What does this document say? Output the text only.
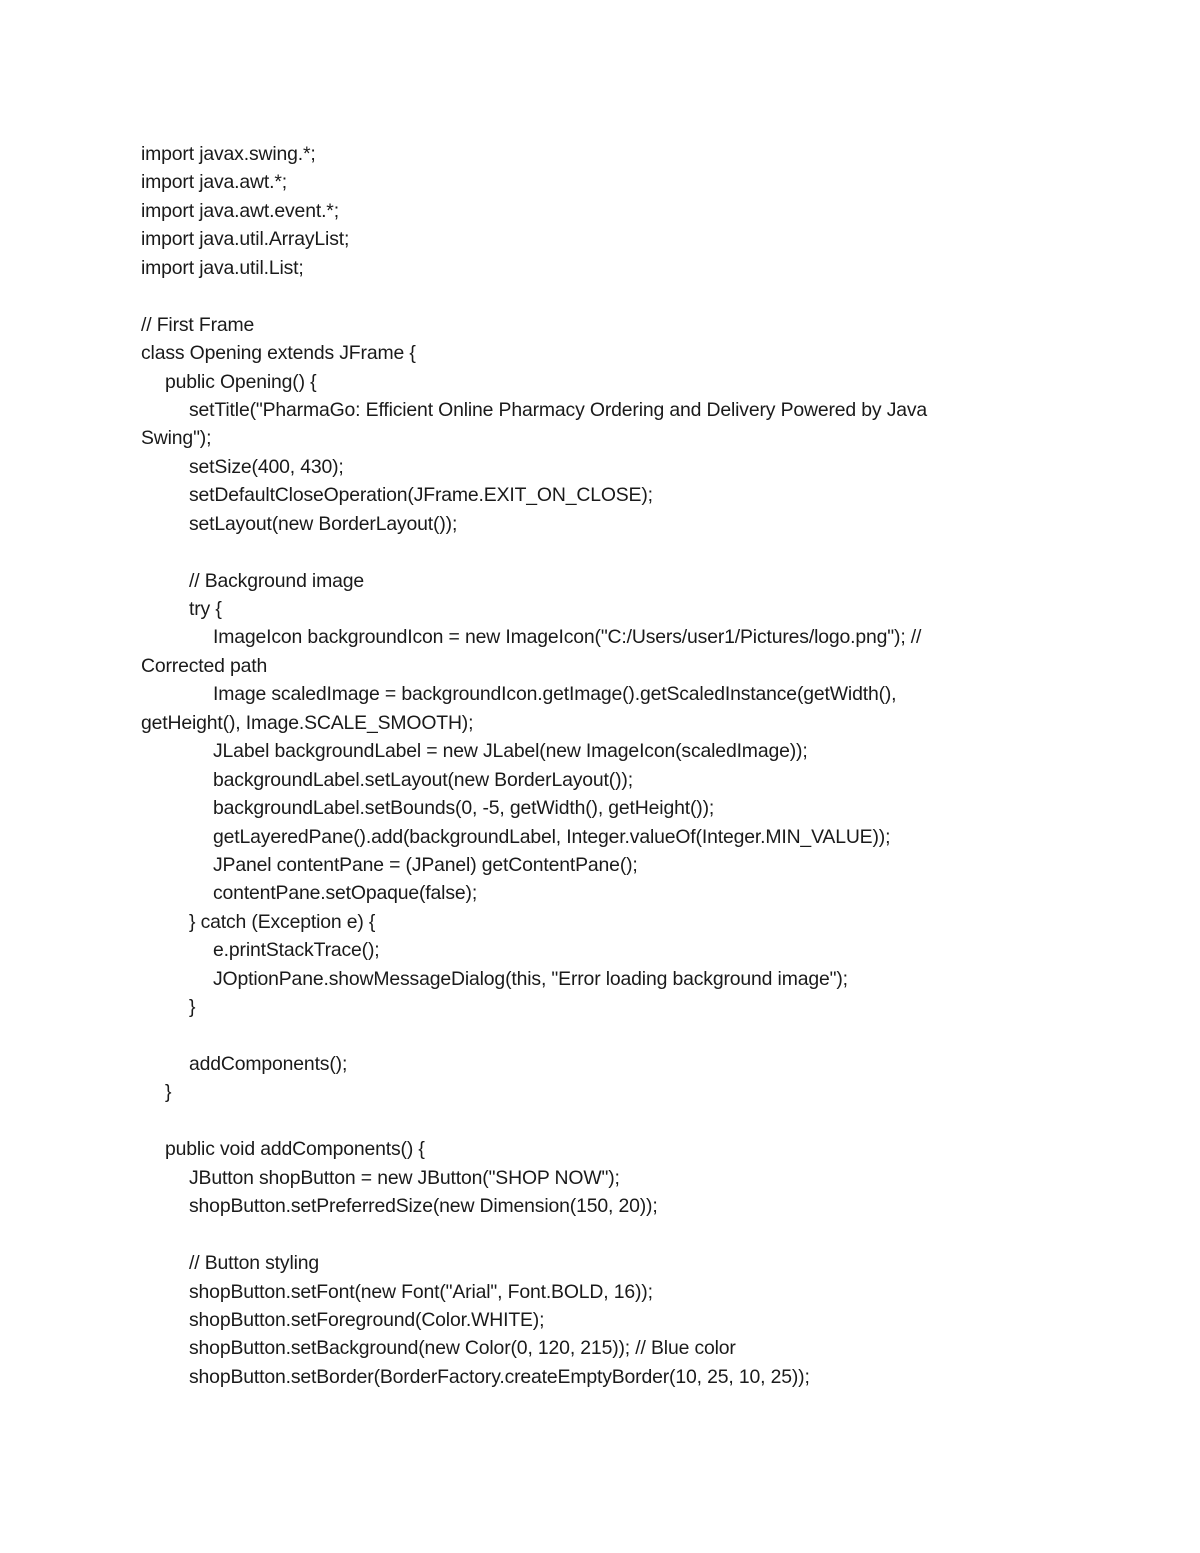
import javax.swing.*;
import java.awt.*;
import java.awt.event.*;
import java.util.ArrayList;
import java.util.List;
// First Frame
class Opening extends JFrame {
public Opening() {
setTitle("PharmaGo: Efficient Online Pharmacy Ordering and Delivery Powered by Java
Swing");
setSize(400, 430);
setDefaultCloseOperation(JFrame.EXIT_ON_CLOSE);
setLayout(new BorderLayout());
// Background image
try {
ImageIcon backgroundIcon = new ImageIcon("C:/Users/user1/Pictures/logo.png"); //
Corrected path
Image scaledImage = backgroundIcon.getImage().getScaledInstance(getWidth(),
getHeight(), Image.SCALE_SMOOTH);
JLabel backgroundLabel = new JLabel(new ImageIcon(scaledImage));
backgroundLabel.setLayout(new BorderLayout());
backgroundLabel.setBounds(0, -5, getWidth(), getHeight());
getLayeredPane().add(backgroundLabel, Integer.valueOf(Integer.MIN_VALUE));
JPanel contentPane = (JPanel) getContentPane();
contentPane.setOpaque(false);
} catch (Exception e) {
e.printStackTrace();
JOptionPane.showMessageDialog(this, "Error loading background image");
}
addComponents();
}
public void addComponents() {
JButton shopButton = new JButton("SHOP NOW");
shopButton.setPreferredSize(new Dimension(150, 20));
// Button styling
shopButton.setFont(new Font("Arial", Font.BOLD, 16));
shopButton.setForeground(Color.WHITE);
shopButton.setBackground(new Color(0, 120, 215)); // Blue color
shopButton.setBorder(BorderFactory.createEmptyBorder(10, 25, 10, 25));
